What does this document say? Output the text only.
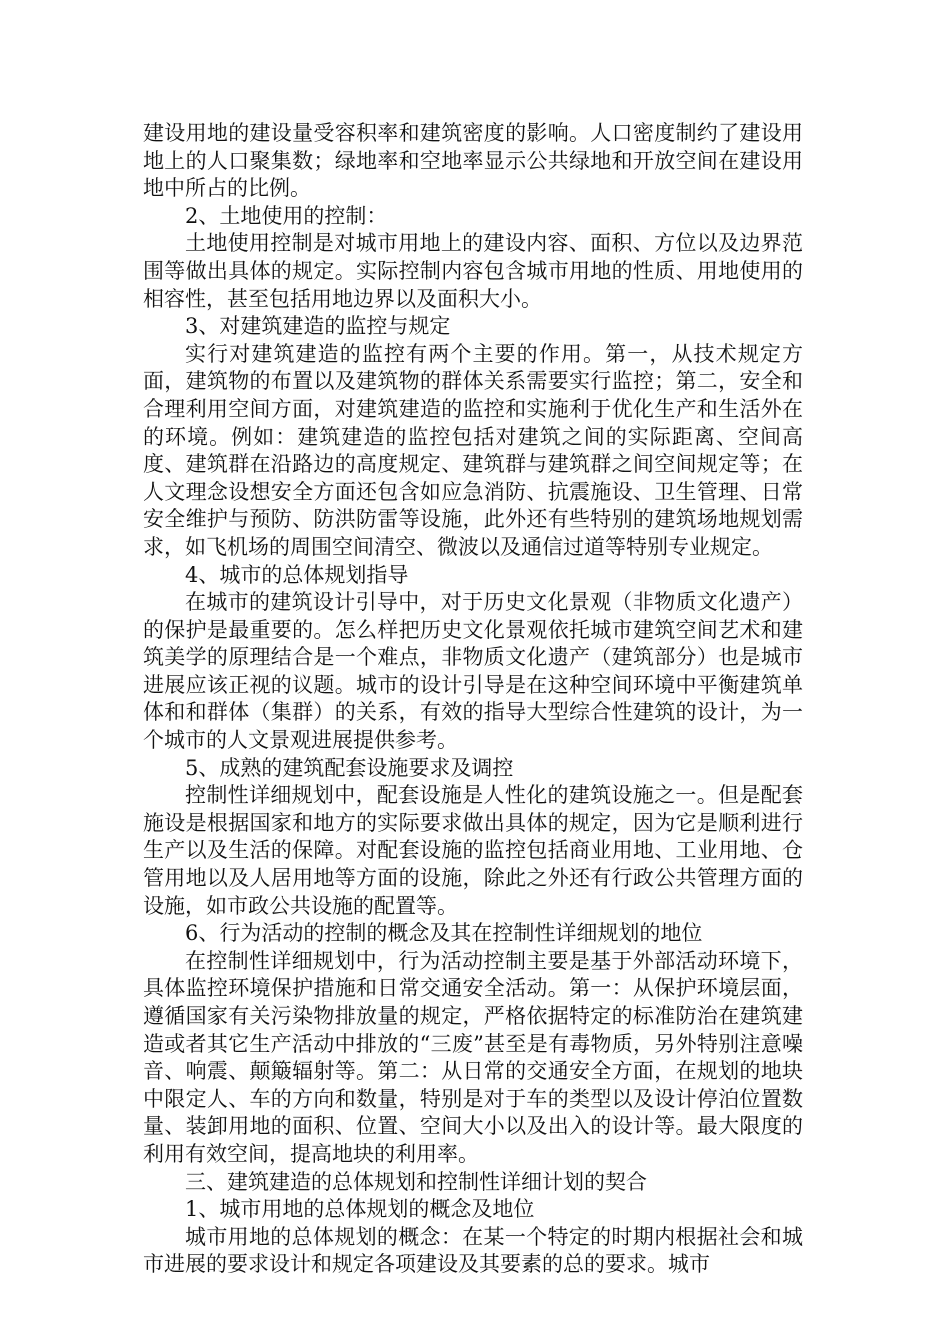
建设用地的建设量受容积率和建筑密度的影响。人口密度制约了建设用地上的人口聚集数；绿地率和空地率显示公共绿地和开放空间在建设用地中所占的比例。

2、土地使用的控制：

土地使用控制是对城市用地上的建设内容、面积、方位以及边界范围等做出具体的规定。实际控制内容包含城市用地的性质、用地使用的相容性，甚至包括用地边界以及面积大小。

3、对建筑建造的监控与规定

实行对建筑建造的监控有两个主要的作用。第一，从技术规定方面，建筑物的布置以及建筑物的群体关系需要实行监控；第二，安全和合理利用空间方面，对建筑建造的监控和实施利于优化生产和生活外在的环境。例如：建筑建造的监控包括对建筑之间的实际距离、空间高度、建筑群在沿路边的高度规定、建筑群与建筑群之间空间规定等；在人文理念设想安全方面还包含如应急消防、抗震施设、卫生管理、日常安全维护与预防、防洪防雷等设施，此外还有些特别的建筑场地规划需求，如飞机场的周围空间清空、微波以及通信过道等特别专业规定。

4、城市的总体规划指导

在城市的建筑设计引导中，对于历史文化景观（非物质文化遗产）的保护是最重要的。怎么样把历史文化景观依托城市建筑空间艺术和建筑美学的原理结合是一个难点，非物质文化遗产（建筑部分）也是城市进展应该正视的议题。城市的设计引导是在这种空间环境中平衡建筑单体和和群体（集群）的关系，有效的指导大型综合性建筑的设计，为一个城市的人文景观进展提供参考。

5、成熟的建筑配套设施要求及调控

控制性详细规划中，配套设施是人性化的建筑设施之一。但是配套施设是根据国家和地方的实际要求做出具体的规定，因为它是顺利进行生产以及生活的保障。对配套设施的监控包括商业用地、工业用地、仓管用地以及人居用地等方面的设施，除此之外还有行政公共管理方面的设施，如市政公共设施的配置等。

6、行为活动的控制的概念及其在控制性详细规划的地位

在控制性详细规划中，行为活动控制主要是基于外部活动环境下，具体监控环境保护措施和日常交通安全活动。第一：从保护环境层面，遵循国家有关污染物排放量的规定，严格依据特定的标准防治在建筑建造或者其它生产活动中排放的“三废”甚至是有毒物质，另外特别注意噪音、响震、颠簸辐射等。第二：从日常的交通安全方面，在规划的地块中限定人、车的方向和数量，特别是对于车的类型以及设计停泊位置数量、装卸用地的面积、位置、空间大小以及出入的设计等。最大限度的利用有效空间，提高地块的利用率。

三、建筑建造的总体规划和控制性详细计划的契合

1、城市用地的总体规划的概念及地位

城市用地的总体规划的概念：在某一个特定的时期内根据社会和城市进展的要求设计和规定各项建设及其要素的总的要求。城市
